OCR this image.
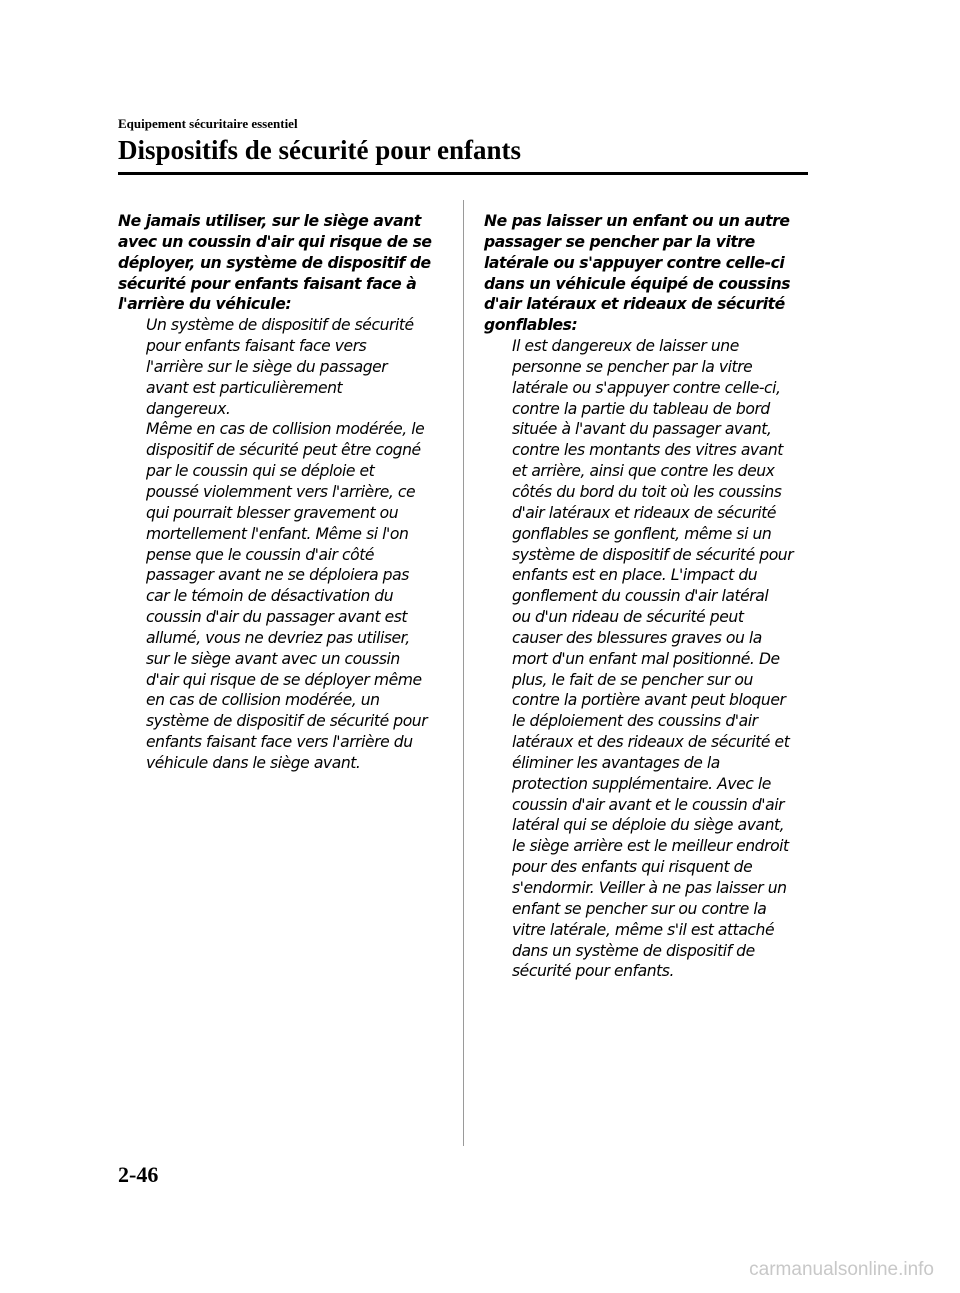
Equipement sécuritaire essentiel

Dispositifs de sécurité pour enfants
Ne jamais utiliser, sur le siège avant
avec un coussin d'air qui risque de se
déployer, un système de dispositif de
sécurité pour enfants faisant face à
l'arrière du véhicule:
Un système de dispositif de sécurité
pour enfants faisant face vers
l'arrière sur le siège du passager
avant est particulièrement
dangereux.
Même en cas de collision modérée, le
dispositif de sécurité peut être cogné
par le coussin qui se déploie et
poussé violemment vers l'arrière, ce
qui pourrait blesser gravement ou
mortellement l'enfant. Même si l'on
pense que le coussin d'air côté
passager avant ne se déploiera pas
car le témoin de désactivation du
coussin d'air du passager avant est
allumé, vous ne devriez pas utiliser,
sur le siège avant avec un coussin
d'air qui risque de se déployer même
en cas de collision modérée, un
système de dispositif de sécurité pour
enfants faisant face vers l'arrière du
véhicule dans le siège avant.
Ne pas laisser un enfant ou un autre
passager se pencher par la vitre
latérale ou s'appuyer contre celle-ci
dans un véhicule équipé de coussins
d'air latéraux et rideaux de sécurité
gonflables:
Il est dangereux de laisser une
personne se pencher par la vitre
latérale ou s'appuyer contre celle-ci,
contre la partie du tableau de bord
située à l'avant du passager avant,
contre les montants des vitres avant
et arrière, ainsi que contre les deux
côtés du bord du toit où les coussins
d'air latéraux et rideaux de sécurité
gonflables se gonflent, même si un
système de dispositif de sécurité pour
enfants est en place. L'impact du
gonflement du coussin d'air latéral
ou d'un rideau de sécurité peut
causer des blessures graves ou la
mort d'un enfant mal positionné. De
plus, le fait de se pencher sur ou
contre la portière avant peut bloquer
le déploiement des coussins d'air
latéraux et des rideaux de sécurité et
éliminer les avantages de la
protection supplémentaire. Avec le
coussin d'air avant et le coussin d'air
latéral qui se déploie du siège avant,
le siège arrière est le meilleur endroit
pour des enfants qui risquent de
s'endormir. Veiller à ne pas laisser un
enfant se pencher sur ou contre la
vitre latérale, même s'il est attaché
dans un système de dispositif de
sécurité pour enfants.

2-46

carmanualsonline.info
